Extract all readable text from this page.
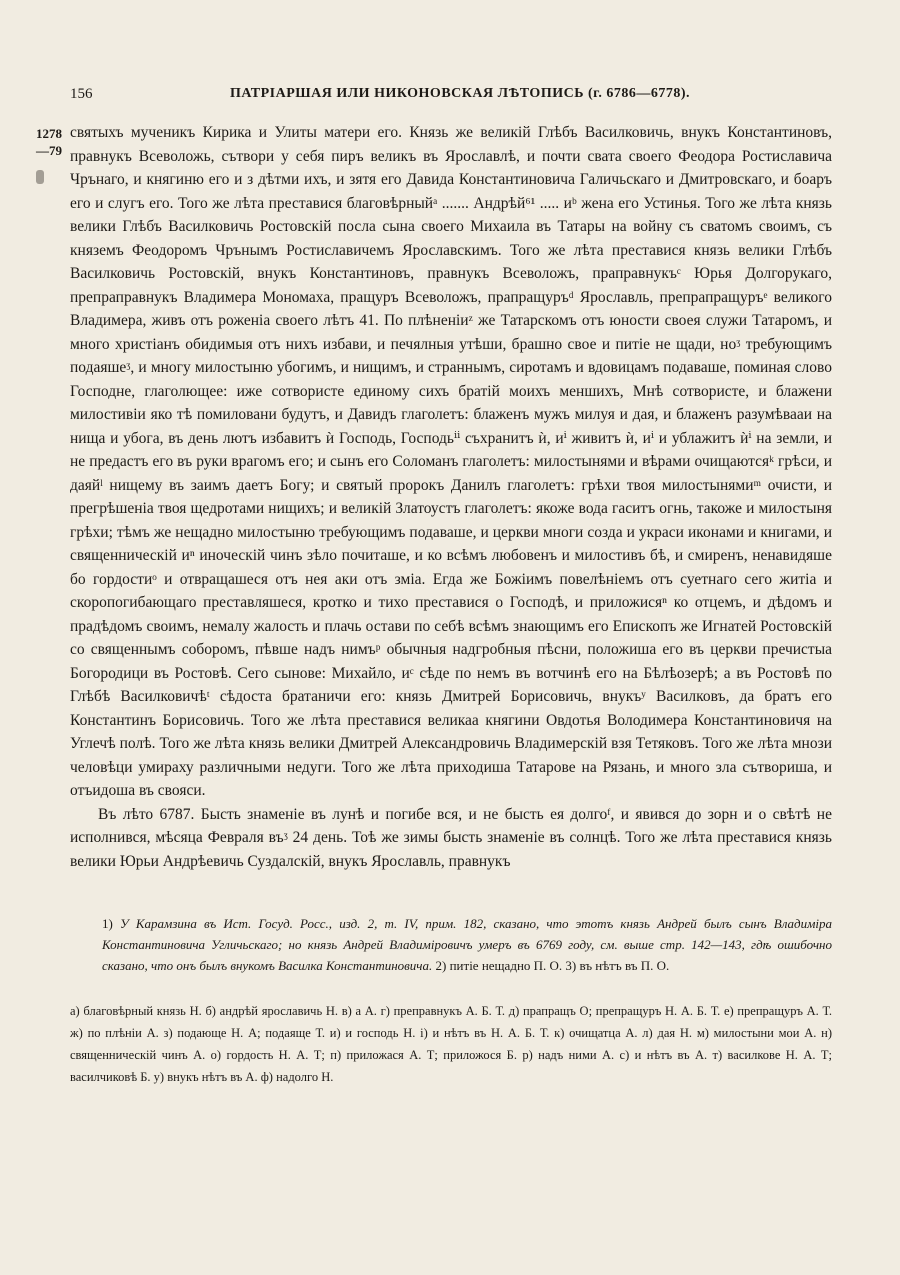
156	ПАТРІАРШАЯ ИЛИ НИКОНОВСКАЯ ЛѢТОПИСЬ (г. 6786—6778).
1278
—79

святыхъ мученикъ Кирика и Улиты матери его. Князь же великій Глѣбъ Василковичь, внукъ Константиновъ, правнукъ Всеволожь, сътвори у себя пиръ великъ въ Ярославлѣ, и почти свата своего Феодора Ростиславича Чрънаго, и княгиню его и з дѣтми ихъ, и зятя его Давида Константиновича Галичьскаго и Дмитровскаго, и боаръ его и слугъ его. Того же лѣта преставися благовѣрныйᵃ ....... Андрѣй⁶¹ ..... иᵇ жена его Устинья. Того же лѣта князь велики Глѣбъ Василковичь Ростовскій посла сына своего Михаила въ Татары на войну съ сватомъ своимъ, съ княземъ Феодоромъ Чрънымъ Ростиславичемъ Ярославскимъ. Того же лѣта преставися князь велики Глѣбъ Василковичь Ростовскій, внукъ Константиновъ, правнукъ Всеволожъ, праправнукъᶜ Юрья Долгорукаго, препраправнукъ Владимера Мономаха, пращуръ Всеволожъ, прапращуръᵈ Ярославль, препрапращуръᵉ великого Владимера, живъ отъ роженіа своего лѣтъ 41. По плѣненіиᶻ же Татарскомъ отъ юности своея служи Татаромъ, и много христіанъ обидимыя отъ нихъ избави, и печялныя утѣши, брашно свое и питіе не щади, ноᶾ требующимъ подаяшеᶾ, и многу милостыню убогимъ, и нищимъ, и страннымъ, сиротамъ и вдовицамъ подаваше, поминая слово Господне, глаголющее: иже сотвористе единому сихъ братій моихъ меншихъ, Мнѣ сотвористе, и блажени милостивіи яко тѣ помиловани будутъ, и Давидъ глаголетъ: блаженъ мужъ милуя и дая, и блаженъ разумѣвааи на нища и убога, въ день лютъ избавитъ ѝ Господь, Господьⁱⁱ съхранитъ ѝ, иⁱ живитъ ѝ, иⁱ и ублажитъ ѝⁱ на земли, и не предастъ его въ руки врагомъ его; и сынъ его Соломанъ глаголетъ: милостынями и вѣрами очищаютсяᵏ грѣси, и даяйˡ нищему въ заимъ даетъ Богу; и святый пророкъ Данилъ глаголетъ: грѣхи твоя милостынямиᵐ очисти, и прегрѣшеніа твоя щедротами нищихъ; и великій Златоустъ глаголетъ: якоже вода гаситъ огнь, такоже и милостыня грѣхи; тѣмъ же нещадно милостыню требующимъ подаваше, и церкви многи созда и украси иконами и книгами, и священническій иⁿ иноческій чинъ зѣло почиташе, и ко всѣмъ любовенъ и милостивъ бѣ, и смиренъ, ненавидяше бо гордостиᵒ и отвращашеся отъ нея аки отъ зміа. Егда же Божіимъ повелѣніемъ отъ суетнаго сего житіа и скоропогибающаго преставляшеся, кротко и тихо преставися о Господѣ, и приложисяⁿ ко отцемъ, и дѣдомъ и прадѣдомъ своимъ, немалу жалость и плачь остави по себѣ всѣмъ знающимъ его Епископъ же Игнатей Ростовскій со священнымъ соборомъ, пѣвше надъ нимъᵖ обычныя надгробныя пѣсни, положиша его въ церкви пречистыа Богородици въ Ростовѣ. Сего сынове: Михайло, иᶜ сѣде по немъ въ вотчинѣ его на Бѣлѣозерѣ; а въ Ростовѣ по Глѣбѣ Василковичѣᵗ сѣдоста братаничи его: князь Дмитрей Борисовичь, внукъʸ Василковъ, да братъ его Константинъ Борисовичь. Того же лѣта преставися великаа княгини Овдотья Володимера Константиновичя на Углечѣ полѣ. Того же лѣта князь велики Дмитрей Александровичь Владимерскій взя Тетяковъ. Того же лѣта мнози человѣци умираху различными недуги. Того же лѣта приходиша Татарове на Рязань, и много зла сътвориша, и отъидоша въ свояси.

Въ лѣто 6787. Бысть знаменіе въ лунѣ и погибе вся, и не бысть ея долгоᶠ, и явився до зорн и о свѣтѣ не исполнився, мѣсяца Февраля въᶾ 24 день. Тоѣ же зимы бысть знаменіе въ солнцѣ. Того же лѣта преставися князь велики Юрьи Андрѣевичь Суздалскій, внукъ Ярославль, правнукъ

1) У Карамзина въ Ист. Госуд. Росс., изд. 2, т. IV, прим. 182, сказано, что этотъ князь Андрей былъ сынъ Владиміра Константиновича Угличьскаго; но князь Андрей Владиміровичъ умеръ въ 6769 году, см. выше стр. 142—143, гдѣ ошибочно сказано, что онъ былъ внукомъ Василка Константиновича. 2) питіе нещадно П. О. 3) въ нѣтъ въ П. О.

а) благовѣрный князь Н. б) андрѣй ярославичь Н. в) а А. г) препрaвнукъ А. Б. Т. д) прапращъ О; препращуръ Н. А. Б. Т. е) препращуръ А. Т. ж) по плѣніи А. з) подающе Н. А; подаяще Т. и) и господь Н. і) и нѣтъ въ Н. А. Б. Т. к) очищатца А. л) дая Н. м) милостыни мои А. н) священническій чинъ А. о) гордость Н. А. Т; п) приложася А. Т; приложося Б. р) надъ ними А. с) и нѣтъ въ А. т) василкове Н. А. Т; василчиковѣ Б. у) внукъ нѣтъ въ А. ф) надолго Н.
